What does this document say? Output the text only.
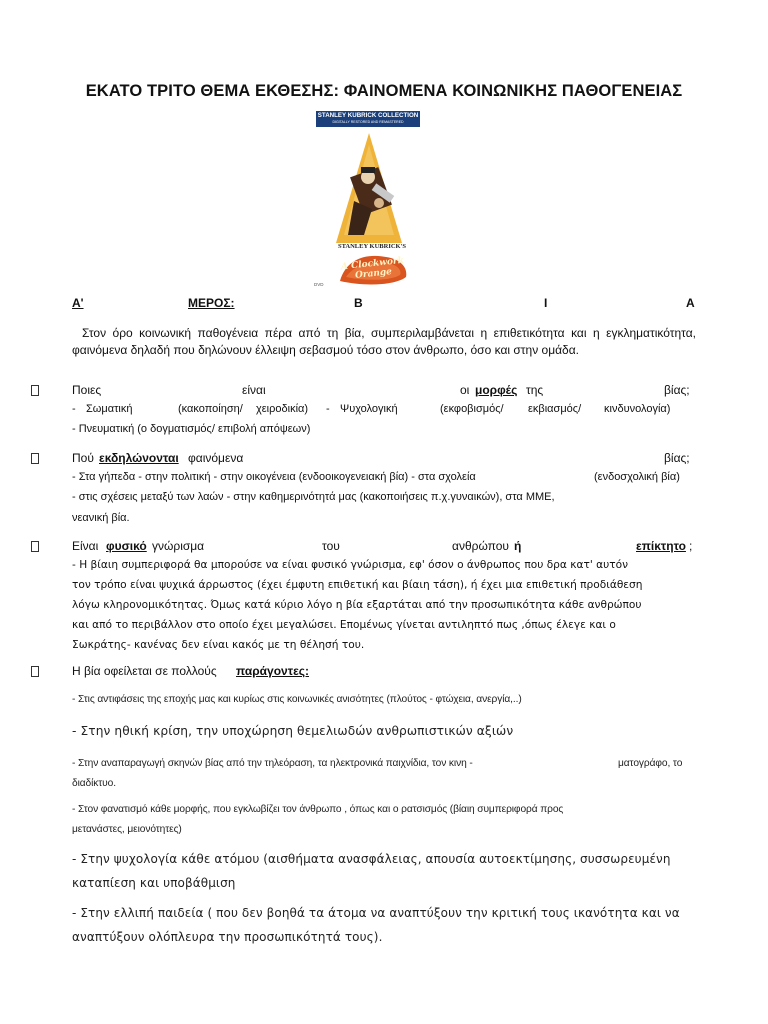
ΕΚΑΤΟ ΤΡΙΤΟ ΘΕΜΑ ΕΚΘΕΣΗΣ: ΦΑΙΝΟΜΕΝΑ ΚΟΙΝΩΝΙΚΗΣ ΠΑΘΟΓΕΝΕΙΑΣ
STANLEY KUBRICK COLLECTION
DIGITALLY RESTORED AND REMASTERED
STANLEY KUBRICK'S
A Clockwork Orange
DVD
Α'
	ΜΕΡΟΣ:	Β	Ι	Α
Στον όρο κοινωνική παθογένεια πέρα από τη βία, συμπεριλαμβάνεται η επιθετικότητα και η εγκληματικότητα, φαινόμενα δηλαδή που δηλώνουν έλλειψη σεβασμού τόσο στον άνθρωπο, όσο και στην ομάδα.
Ποιες	είναι	οι μορφές της	βίας;
- Σωματική	(κακοποίηση/ χειροδικία) - Ψυχολογική	(εκφοβισμός/ εκβιασμός/ κινδυνολογία)
- Πνευματική (ο δογματισμός/ επιβολή απόψεων)
Πού εκδηλώνονται φαινόμενα	βίας;
- Στα γήπεδα - στην πολιτική - στην οικογένεια (ενδοοικογενειακή βία) - στα σχολεία	(ενδοσχολική βία)
- στις σχέσεις μεταξύ των λαών - στην καθημερινότητά μας (κακοποιήσεις π.χ.γυναικών), στα ΜΜΕ,
νεανική βία.
Είναι φυσικό γνώρισμα	του	ανθρώπου ή	επίκτητο ;
- Η βίαιη συμπεριφορά θα μπορούσε να είναι φυσικό γνώρισμα, εφ' όσον ο άνθρωπος που δρα κατ' αυτόν
τον τρόπο είναι ψυχικά άρρωστος (έχει έμφυτη επιθετική και βίαιη τάση), ή έχει μια επιθετική προδιάθεση
λόγω κληρονομικότητας. Όμως κατά κύριο λόγο η βία εξαρτάται από την προσωπικότητα κάθε ανθρώπου
και από το περιβάλλον στο οποίο έχει μεγαλώσει. Επομένως γίνεται αντιληπτό πως ,όπως έλεγε και ο
Σωκράτης- κανένας δεν είναι κακός με τη θέλησή του.
Η βία οφείλεται σε πολλούς παράγοντες:
- Στις αντιφάσεις της εποχής μας και κυρίως στις κοινωνικές ανισότητες (πλούτος - φτώχεια, ανεργία,..)
- Στην ηθική κρίση, την υποχώρηση θεμελιωδών ανθρωπιστικών αξιών
- Στην αναπαραγωγή σκηνών βίας από την τηλεόραση, τα ηλεκτρονικά παιχνίδια, τον κινη -	ματογράφο, το
διαδίκτυο.
- Στον φανατισμό κάθε μορφής, που εγκλωβίζει τον άνθρωπο , όπως και ο ρατσισμός (βίαιη συμπεριφορά προς
μετανάστες, μειονότητες)
- Στην ψυχολογία κάθε ατόμου (αισθήματα ανασφάλειας, απουσία αυτοεκτίμησης, συσσωρευμένη
καταπίεση και υποβάθμιση
- Στην ελλιπή παιδεία ( που δεν βοηθά τα άτομα να αναπτύξουν την κριτική τους ικανότητα και να
αναπτύξουν ολόπλευρα την προσωπικότητά τους).
